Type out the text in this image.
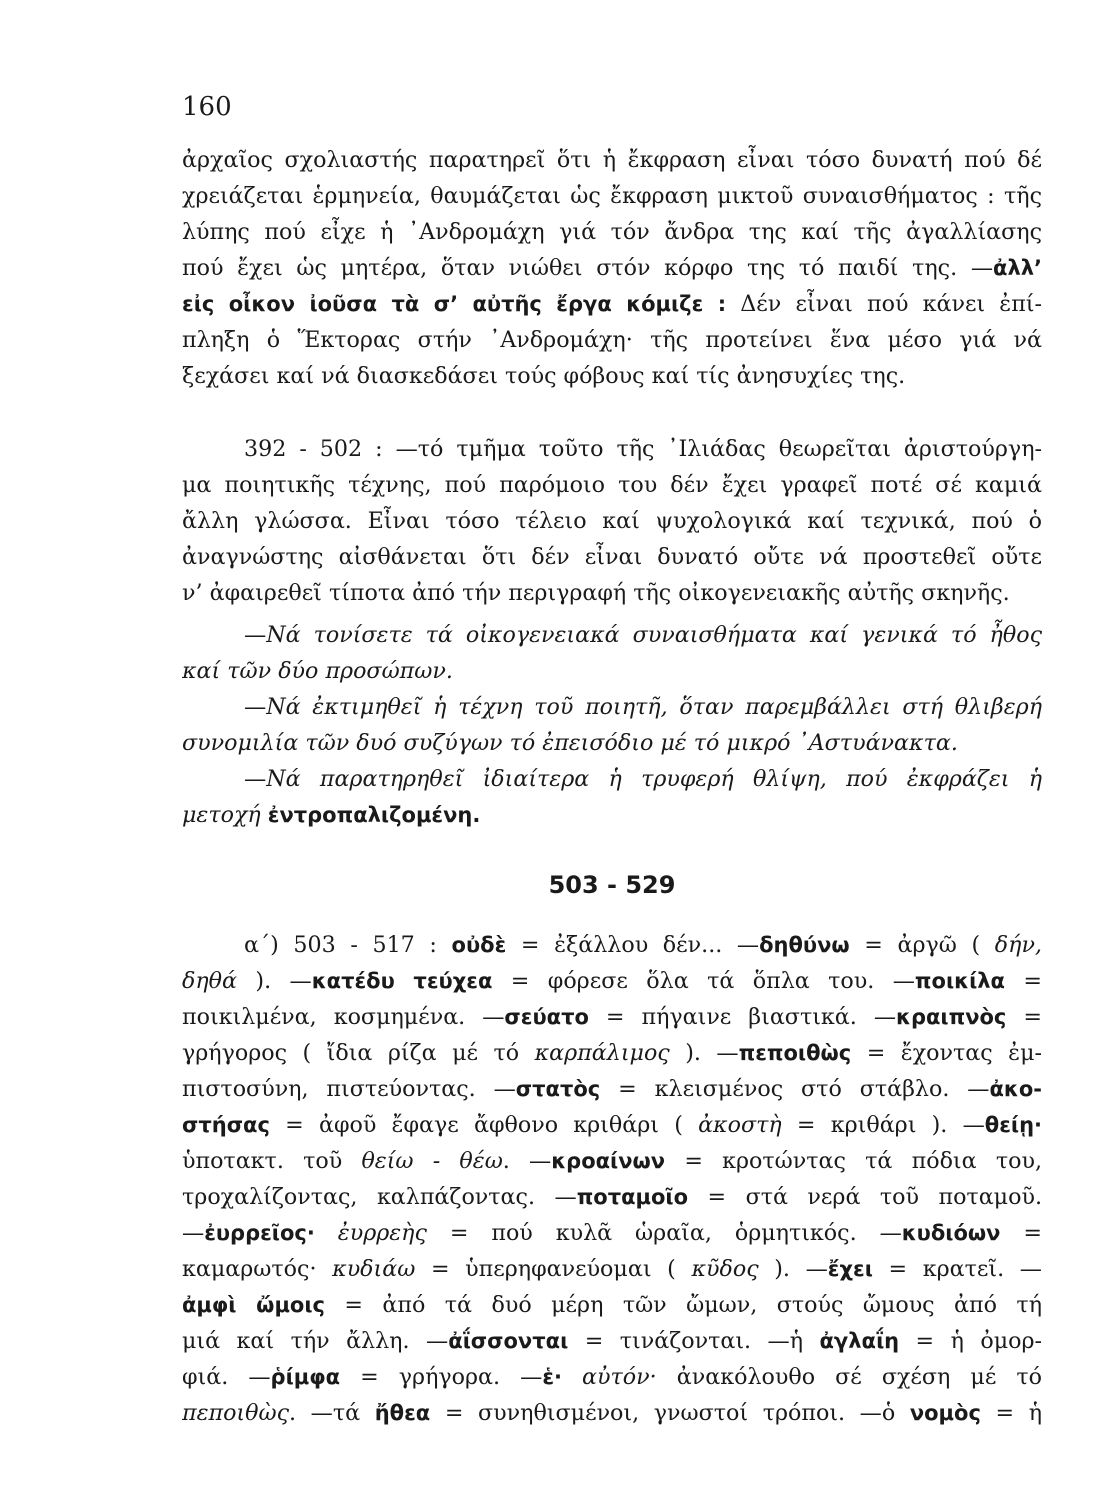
160

ἀρχαῖος σχολιαστής παρατηρεῖ ὅτι ἡ ἔκφραση εἶναι τόσο δυνατή πού δέ
χρειάζεται ἑρμηνεία, θαυμάζεται ὡς ἔκφραση μικτοῦ συναισθήματος : τῆς
λύπης πού εἶχε ἡ ᾿Ανδρομάχη γιά τόν ἄνδρα της καί τῆς ἀγαλλίασης
πού ἔχει ὡς μητέρα, ὅταν νιώθει στόν κόρφο της τό παιδί της. —ἀλλ’
εἰς οἶκον ἰοῦσα τὰ σ’ αὐτῆς ἔργα κόμιζε : Δέν εἶναι πού κάνει ἐπί-
πληξη ὁ Ἕκτορας στήν ᾿Ανδρομάχη· τῆς προτείνει ἕνα μέσο γιά νά
ξεχάσει καί νά διασκεδάσει τούς φόβους καί τίς ἀνησυχίες της.
392 - 502 : —τό τμῆμα τοῦτο τῆς ᾿Ιλιάδας θεωρεῖται ἀριστούργη-
μα ποιητικῆς τέχνης, πού παρόμοιο του δέν ἔχει γραφεῖ ποτέ σέ καμιά
ἄλλη γλώσσα. Εἶναι τόσο τέλειο καί ψυχολογικά καί τεχνικά, πού ὁ
ἀναγνώστης αἰσθάνεται ὅτι δέν εἶναι δυνατό οὔτε νά προστεθεῖ οὔτε
ν’ ἀφαιρεθεῖ τίποτα ἀπό τήν περιγραφή τῆς οἰκογενειακῆς αὐτῆς σκηνῆς.
—Νά τονίσετε τά οἰκογενειακά συναισθήματα καί γενικά τό ἦθος
καί τῶν δύο προσώπων.
—Νά ἐκτιμηθεῖ ἡ τέχνη τοῦ ποιητῆ, ὅταν παρεμβάλλει στή θλιβερή
συνομιλία τῶν δυό συζύγων τό ἐπεισόδιο μέ τό μικρό ᾿Αστυάνακτα.
—Νά παρατηρηθεῖ ἰδιαίτερα ἡ τρυφερή θλίψη, πού ἐκφράζει ἡ
μετοχή ἐντροπαλιζομένη.
503 - 529
α΄) 503 - 517 : οὐδὲ = ἐξάλλου δέν... —δηθύνω = ἀργῶ ( δήν,
δηθά ). —κατέδυ τεύχεα = φόρεσε ὅλα τά ὅπλα του. —ποικίλα =
ποικιλμένα, κοσμημένα. —σεύατο = πήγαινε βιαστικά. —κραιπνὸς =
γρήγορος ( ἴδια ρίζα μέ τό καρπάλιμος ). —πεποιθὼς = ἔχοντας ἐμ-
πιστοσύνη, πιστεύοντας. —στατὸς = κλεισμένος στό στάβλο. —ἀκο-
στήσας = ἀφοῦ ἔφαγε ἄφθονο κριθάρι ( ἀκοστὴ = κριθάρι ). —θείῃ·
ὑποτακτ. τοῦ θείω - θέω. —κροαίνων = κροτώντας τά πόδια του,
τροχαλίζοντας, καλπάζοντας. —ποταμοῖο = στά νερά τοῦ ποταμοῦ.
—ἐυρρεῖος· ἐυρρεὴς = πού κυλᾶ ὡραῖα, ὁρμητικός. —κυδιόων =
καμαρωτός· κυδιάω = ὑπερηφανεύομαι ( κῦδος ). —ἔχει = κρατεῖ. —
ἀμφὶ ὤμοις = ἀπό τά δυό μέρη τῶν ὤμων, στούς ὤμους ἀπό τή
μιά καί τήν ἄλλη. —ἀΐσσονται = τινάζονται. —ἡ ἀγλαΐη = ἡ ὀμορ-
φιά. —ῥίμφα = γρήγορα. —ἑ· αὐτόν· ἀνακόλουθο σέ σχέση μέ τό
πεποιθὼς. —τά ἤθεα = συνηθισμένοι, γνωστοί τρόποι. —ὁ νομὸς = ἡ
